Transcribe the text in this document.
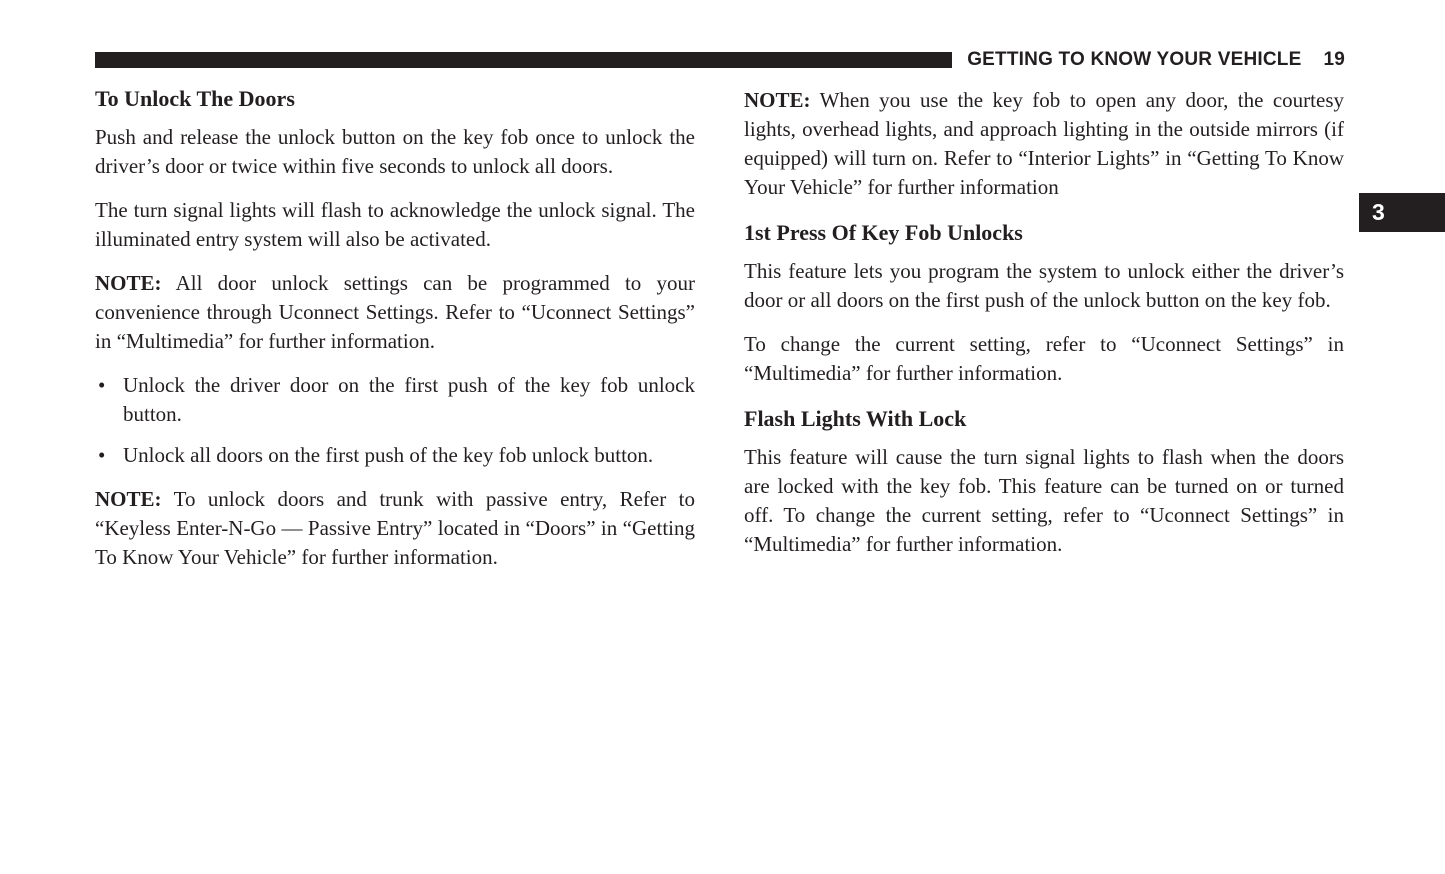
GETTING TO KNOW YOUR VEHICLE 19
3
To Unlock The Doors

Push and release the unlock button on the key fob once to unlock the driver’s door or twice within five seconds to unlock all doors.

The turn signal lights will flash to acknowledge the unlock signal. The illuminated entry system will also be activated.

NOTE: All door unlock settings can be programmed to your convenience through Uconnect Settings. Refer to “Uconnect Settings” in “Multimedia” for further information.

• Unlock the driver door on the first push of the key fob unlock button.
• Unlock all doors on the first push of the key fob unlock button.

NOTE: To unlock doors and trunk with passive entry, Refer to “Keyless Enter-N-Go — Passive Entry” located in “Doors” in “Getting To Know Your Vehicle” for further information.

NOTE: When you use the key fob to open any door, the courtesy lights, overhead lights, and approach lighting in the outside mirrors (if equipped) will turn on. Refer to “Interior Lights” in “Getting To Know Your Vehicle” for further information

1st Press Of Key Fob Unlocks

This feature lets you program the system to unlock either the driver’s door or all doors on the first push of the unlock button on the key fob.

To change the current setting, refer to “Uconnect Settings” in “Multimedia” for further information.

Flash Lights With Lock

This feature will cause the turn signal lights to flash when the doors are locked with the key fob. This feature can be turned on or turned off. To change the current setting, refer to “Uconnect Settings” in “Multimedia” for further information.
